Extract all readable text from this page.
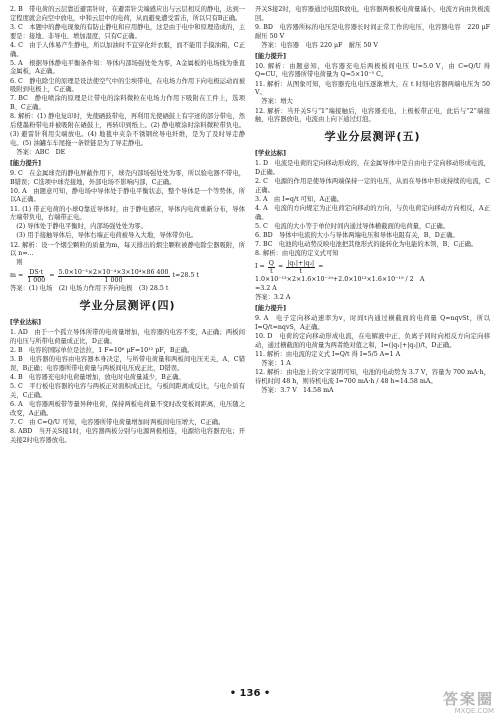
2. B　带电荷的云层靠近避雷针时，在避雷针尖端感应出与云层相反的静电，达到一定程度就会向空中放电，中和云层中的电荷，从而避免遭受雷击，所以只有B正确。

3. C　本题中的静电现象的有防止静电和应用静电，这是由于电中和原理造成的，主要是：接地、非导电、增加湿度，只有C正确。

4. C　由于人体易产生静电，所以加油时不宜穿化纤衣服，而不能用手摸油箱，C正确。

5. A　根据导体静电平衡条件知：导体内部场强处处为零，A金属板的电场线为垂直金属板，A正确。

6. C　静电除尘的原理是设法使空气中的尘埃带电，在电场力作用下向电极运动而被吸附到电极上，C正确。

7. BC　静电喷涂的原理是让带电的涂料微粒在电场力作用下吸附在工件上，选项B、C正确。

8. 解析：(1) 静电复印时，先使硒鼓带电，再利用光使硒鼓上有字迹的部分带电，然后使墨粉带电并被吸附在硒鼓上，再转印到纸上。(2) 静电喷涂时涂料微粒带负电。(3) 避雷针利用尖端放电。(4) 地毯中夹杂不锈钢丝导电纤维，是为了及时导走静电。(5) 油罐车车尾拖一条铁链是为了导走静电。

　答案：ABC　DE

[能力提升]

9. C　在金属球壳的静电屏蔽作用下，球壳内部场强处处为零，所以验电器不带电，B错误；C选项中球壳接地，外部电场不影响内部，C正确。

10. A　由题意可知，静电场中导体处于静电平衡状态，整个导体是一个等势体，所以A正确。

11. (1) 带正电荷的小球Q靠近导体时，由于静电感应，导体内电荷重新分布，导体左端带负电，右端带正电。

　(2) 导体处于静电平衡时，内部场强处处为零。

　(3) 用手接触导体后，导体右端正电荷被导入大地，导体带负电。

12. 解析：设一个烟尘颗粒的质量为m，每天排出的烟尘颗粒被静电除尘器吸附，所以 n=...

　则

$m = \frac{DS\cdot t}{1 000} = \frac{\text{5.0×10⁻³×2×10⁻⁴×3×10⁴×86 400}}{1 000} t\approx 28.5$ t

答案：(1) 电场　(2) 电场力作用下奔向电极　(3) 28.5 t

学业分层测评(四)
[学业达标]

1. AD　由于一个孤立导体所带的电荷量增加，电容器的电容不变，A正确；两板间的电压与所带电荷量成正比，D正确。

2. B　电容的国际单位是法拉，1 F=10⁶ μF=10¹² pF，B正确。

3. B　电容器的电容由电容器本身决定，与所带电荷量和两板间电压无关，A、C错误，B正确；电容器所带电荷量与两板间电压成正比，D错误。

4. B　电容器充电时电荷量增加，放电时电荷量减少，B正确。

5. C　平行板电容器的电容与两板正对面积成正比，与板间距离成反比，与电介质有关，C正确。

6. A　电容器两板带等量异种电荷，保持两板电荷量不变时改变板间距离，电压随之改变，A正确。

7. C　由 C=Q/U 可知，电容器所带电荷量增加时两板间电压增大，C正确。

8. ABD　当开关S接1时，电容器两板分别与电源两极相连，电源给电容器充电；开关接2时电容器放电。

开关S接2时，电容器通过电阻R放电，电容器两极板电荷量减小，电流方向由负极流回。

9. BD　电容器所标的电压是电容器长时间正常工作的电压，电容器电容　220 μF　耐压 50 V

　答案：电容器　电容 220 μF　耐压 50 V

[能力提升]

10. 解析：由题意知，电容器充电后两极板间电压 U=5.0 V，由 C=Q/U 得 Q=CU，电容器所带电荷量为 Q=5×10⁻⁵ C。

11. 解析：从图象可知，电容器充电电压逐渐增大，在 t 时刻电容器两端电压为 50 V。

　答案：增大

12. 解析：当开关S与“1”端接触后，电容器充电，上极板带正电，此后与“2”端接触，电容器放电，电流由上向下通过灯泡。

学业分层测评(五)
[学业达标]

1. D　电流是电荷的定向移动形成的，在金属导体中是自由电子定向移动形成电流，D正确。

2. C　电源的作用是使导体两端保持一定的电压，从而在导体中形成持续的电流，C正确。

3. A　由 I=q/t 可知，A正确。

4. A　电流的方向规定为正电荷定向移动的方向，与负电荷定向移动方向相反，A正确。

5. C　电流的大小等于单位时间内通过导体横截面的电荷量，C正确。

6. BD　导体中电流的大小与导体两端电压和导体电阻有关，B、D正确。

7. BC　电池的电动势反映电池把其他形式的能转化为电能的本领，B、C正确。

8. 解析：由电流的定义式可知

$I = \frac{Q}{t} = \frac{\text{|q₁|+|q₂|}}{t}$ =

1.0×10⁻¹³×2×1.6×10⁻¹⁹+2.0×10¹³×1.6×10⁻¹⁹ / 2　A

=3.2 A

答案：3.2 A

[能力提升]

9. A　电子定向移动速率为v，时间t内通过横截面的电荷量 Q=nqvSt，所以 I=Q/t=nqvS，A正确。

10. D　电荷的定向移动形成电流，在电解液中正、负离子同时向相反方向定向移动，通过横截面的电荷量为两者绝对值之和，I=(|q₁|+|q₂|)/t，D正确。

11. 解析：由电流的定义式 I=Q/t 得 I=5/5 A=1 A

　答案：1 A

12. 解析：由电池上的文字说明可知，电池的电动势为 3.7 V，容量为 700 mA·h，待机时间 48 h，则待机电流 I=700 mA·h / 48 h≈14.58 mA。

　答案：3.7 V　14.58 mA

• 136 •	答案圈
MXQE.COM
